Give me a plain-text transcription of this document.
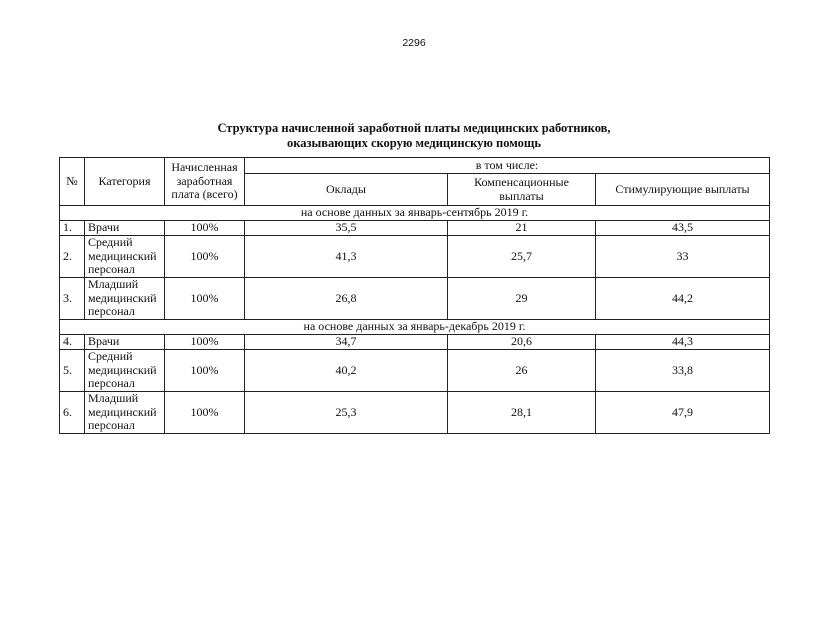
2296
Структура начисленной заработной платы медицинских работников,
оказывающих скорую медицинскую помощь
№	Категория	Начисленная заработная плата (всего)	в том числе:		
			Оклады	Компенсационные выплаты	Стимулирующие выплаты
на основе данных за январь-сентябрь 2019 г.					
1.	Врачи	100%	35,5	21	43,5
2.	Средний медицинский персонал	100%	41,3	25,7	33
3.	Младший медицинский персонал	100%	26,8	29	44,2
на основе данных за январь-декабрь 2019 г.					
4.	Врачи	100%	34,7	20,6	44,3
5.	Средний медицинский персонал	100%	40,2	26	33,8
6.	Младший медицинский персонал	100%	25,3	28,1	47,9
